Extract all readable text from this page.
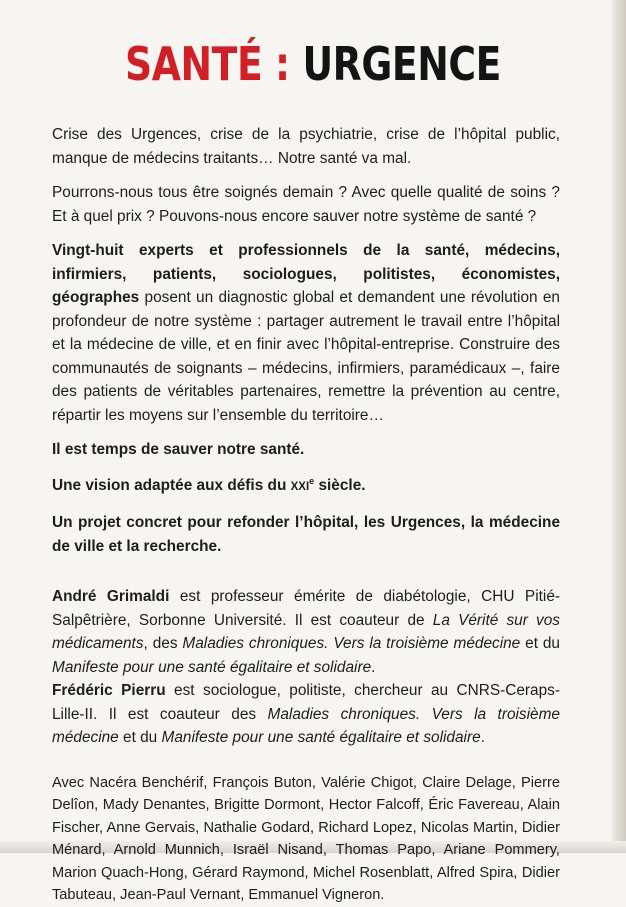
SANTÉ : URGENCE

Crise des Urgences, crise de la psychiatrie, crise de l’hôpital public, manque de médecins traitants… Notre santé va mal.

Pourrons-nous tous être soignés demain ? Avec quelle qualité de soins ? Et à quel prix ? Pouvons-nous encore sauver notre système de santé ?

Vingt-huit experts et professionnels de la santé, médecins, infirmiers, patients, sociologues, politistes, économistes, géographes posent un diagnostic global et demandent une révolution en profondeur de notre système : partager autrement le travail entre l’hôpital et la médecine de ville, et en finir avec l’hôpital-entreprise. Construire des communautés de soignants – médecins, infirmiers, paramédicaux –, faire des patients de véritables partenaires, remettre la prévention au centre, répartir les moyens sur l’ensemble du territoire…

Il est temps de sauver notre santé.

Une vision adaptée aux défis du XXIe siècle.

Un projet concret pour refonder l’hôpital, les Urgences, la médecine de ville et la recherche.

André Grimaldi est professeur émérite de diabétologie, CHU Pitié-Salpêtrière, Sorbonne Université. Il est coauteur de La Vérité sur vos médicaments, des Maladies chroniques. Vers la troisième médecine et du Manifeste pour une santé égalitaire et solidaire.
Frédéric Pierru est sociologue, politiste, chercheur au CNRS-Ceraps-Lille-II. Il est coauteur des Maladies chroniques. Vers la troisième médecine et du Manifeste pour une santé égalitaire et solidaire.

Avec Nacéra Benchérif, François Buton, Valérie Chigot, Claire Delage, Pierre Delîon, Mady Denantes, Brigitte Dormont, Hector Falcoff, Éric Favereau, Alain Fischer, Anne Gervais, Nathalie Godard, Richard Lopez, Nicolas Martin, Didier Ménard, Arnold Munnich, Israël Nisand, Thomas Papo, Ariane Pommery, Marion Quach-Hong, Gérard Raymond, Michel Rosenblatt, Alfred Spira, Didier Tabuteau, Jean-Paul Vernant, Emmanuel Vigneron.
